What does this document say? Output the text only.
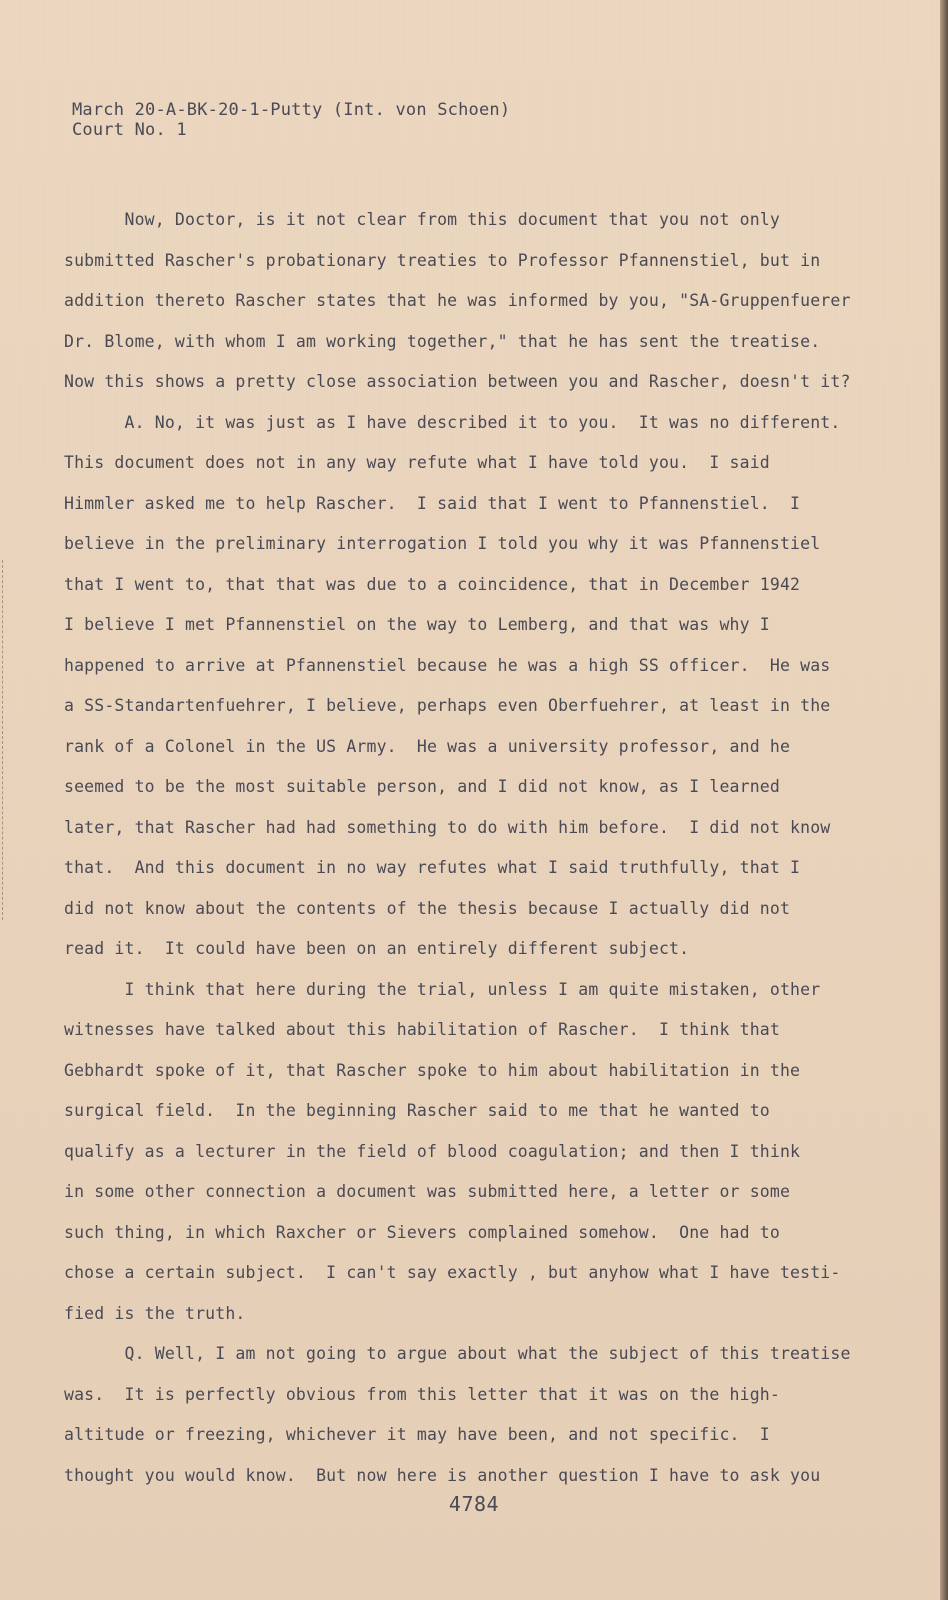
March 20-A-BK-20-1-Putty (Int. von Schoen)
Court No. 1
Now, Doctor, is it not clear from this document that you not only
submitted Rascher's probationary treaties to Professor Pfannenstiel, but in
addition thereto Rascher states that he was informed by you, "SA-Gruppenfuerer
Dr. Blome, with whom I am working together," that he has sent the treatise.
Now this shows a pretty close association between you and Rascher, doesn't it?
A. No, it was just as I have described it to you.  It was no different.
This document does not in any way refute what I have told you.  I said
Himmler asked me to help Rascher.  I said that I went to Pfannenstiel.  I
believe in the preliminary interrogation I told you why it was Pfannenstiel
that I went to, that that was due to a coincidence, that in December 1942
I believe I met Pfannenstiel on the way to Lemberg, and that was why I
happened to arrive at Pfannenstiel because he was a high SS officer.  He was
a SS-Standartenfuehrer, I believe, perhaps even Oberfuehrer, at least in the
rank of a Colonel in the US Army.  He was a university professor, and he
seemed to be the most suitable person, and I did not know, as I learned
later, that Rascher had had something to do with him before.  I did not know
that.  And this document in no way refutes what I said truthfully, that I
did not know about the contents of the thesis because I actually did not
read it.  It could have been on an entirely different subject.
I think that here during the trial, unless I am quite mistaken, other
witnesses have talked about this habilitation of Rascher.  I think that
Gebhardt spoke of it, that Rascher spoke to him about habilitation in the
surgical field.  In the beginning Rascher said to me that he wanted to
qualify as a lecturer in the field of blood coagulation; and then I think
in some other connection a document was submitted here, a letter or some
such thing, in which Raxcher or Sievers complained somehow.  One had to
chose a certain subject.  I can't say exactly , but anyhow what I have testi-
fied is the truth.
Q. Well, I am not going to argue about what the subject of this treatise
was.  It is perfectly obvious from this letter that it was on the high-
altitude or freezing, whichever it may have been, and not specific.  I
thought you would know.  But now here is another question I have to ask you
4784
